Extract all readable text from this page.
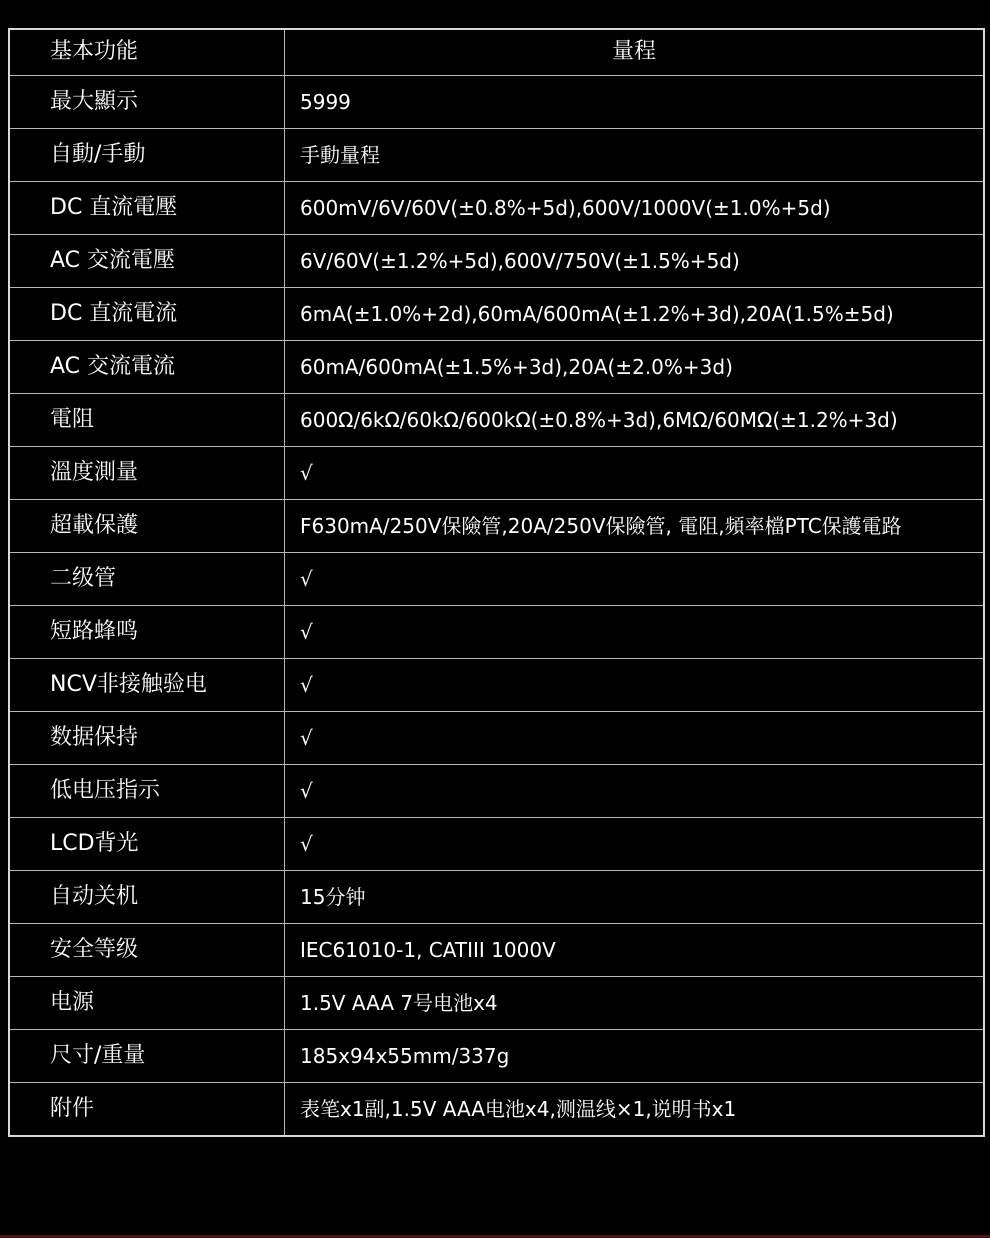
基本功能	量程
最大顯示	5999
自動/手動	手動量程
DC 直流電壓	600mV/6V/60V(±0.8%+5d),600V/1000V(±1.0%+5d)
AC 交流電壓	6V/60V(±1.2%+5d),600V/750V(±1.5%+5d)
DC 直流電流	6mA(±1.0%+2d),60mA/600mA(±1.2%+3d),20A(1.5%±5d)
AC 交流電流	60mA/600mA(±1.5%+3d),20A(±2.0%+3d)
電阻	600Ω/6kΩ/60kΩ/600kΩ(±0.8%+3d),6MΩ/60MΩ(±1.2%+3d)
溫度測量	√
超載保護	F630mA/250V保險管,20A/250V保險管, 電阻,頻率檔PTC保護電路
二级管	√
短路蜂鸣	√
NCV非接触验电	√
数据保持	√
低电压指示	√
LCD背光	√
自动关机	15分钟
安全等级	IEC61010-1, CATIII 1000V
电源	1.5V AAA 7号电池x4
尺寸/重量	185x94x55mm/337g
附件	表笔x1副,1.5V AAA电池x4,测温线×1,说明书x1
